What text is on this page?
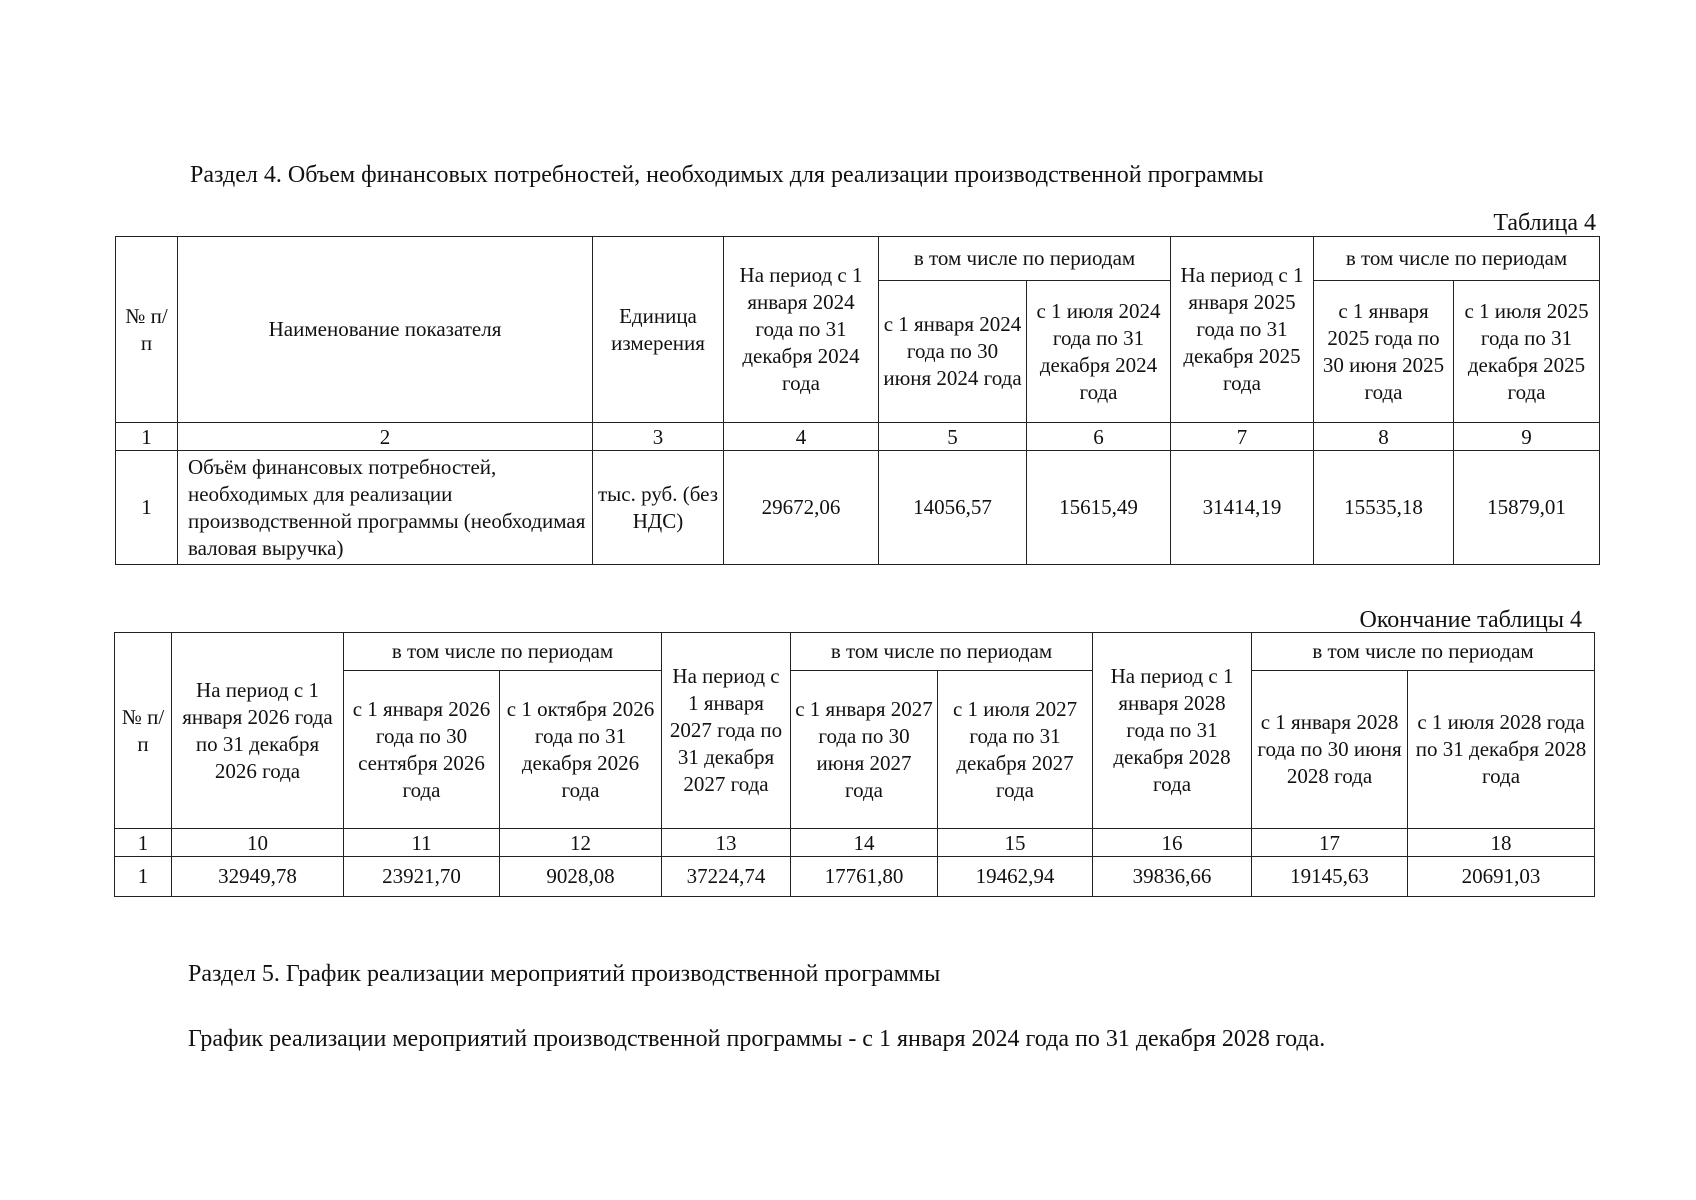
Раздел 4. Объем финансовых потребностей, необходимых для реализации производственной программы
Таблица 4
№ п/п	Наименование показателя	Единица измерения	На период с 1 января 2024 года по 31 декабря 2024 года	в том числе по периодам		На период с 1 января 2025 года по 31 декабря 2025 года	в том числе по периодам	
				с 1 января 2024 года по 30 июня 2024 года	с 1 июля 2024 года по 31 декабря 2024 года		с 1 января 2025 года по 30 июня 2025 года	с 1 июля 2025 года по 31 декабря 2025 года
1	2	3	4	5	6	7	8	9
1	Объём финансовых потребностей, необходимых для реализации производственной программы (необходимая валовая выручка)	тыс. руб. (без НДС)	29672,06	14056,57	15615,49	31414,19	15535,18	15879,01
Окончание таблицы 4
№ п/п	На период с 1 января 2026 года по 31 декабря 2026 года	в том числе по периодам		На период с 1 января 2027 года по 31 декабря 2027 года	в том числе по периодам		На период с 1 января 2028 года по 31 декабря 2028 года	в том числе по периодам	
		с 1 января 2026 года по 30 сентября 2026 года	с 1 октября 2026 года по 31 декабря 2026 года		с 1 января 2027 года по 30 июня 2027 года	с 1 июля 2027 года по 31 декабря 2027 года		с 1 января 2028 года по 30 июня 2028 года	с 1 июля 2028 года по 31 декабря 2028 года
1	10	11	12	13	14	15	16	17	18
1	32949,78	23921,70	9028,08	37224,74	17761,80	19462,94	39836,66	19145,63	20691,03
Раздел 5. График реализации мероприятий производственной программы
График реализации мероприятий производственной программы - с 1 января 2024 года по 31 декабря 2028 года.
